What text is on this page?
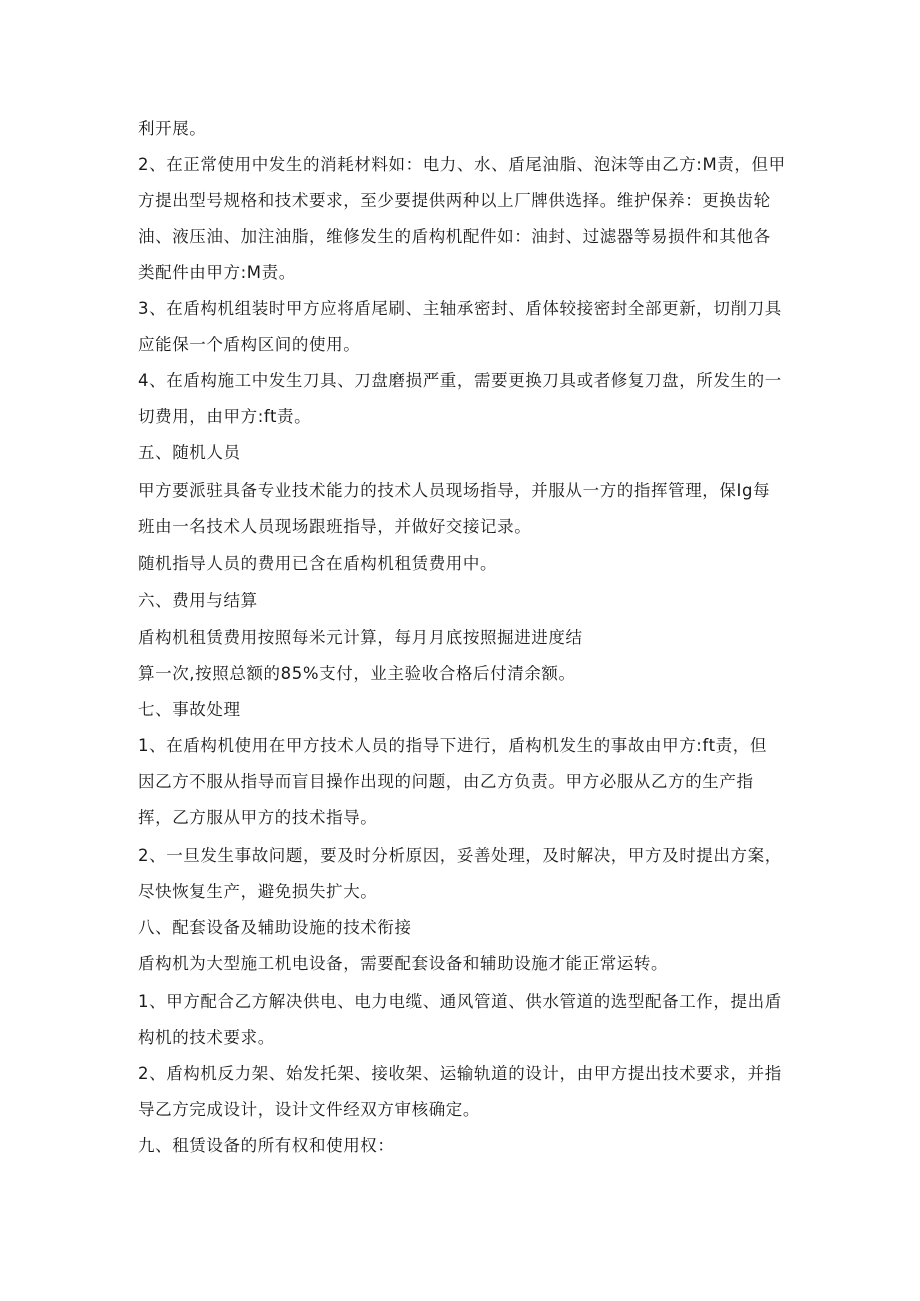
利开展。

2、在正常使用中发生的消耗材料如：电力、水、盾尾油脂、泡沫等由乙方:M责，但甲

方提出型号规格和技术要求，至少要提供两种以上厂牌供选择。维护保养：更换齿轮

油、液压油、加注油脂，维修发生的盾构机配件如：油封、过滤器等易损件和其他各

类配件由甲方:M责。

3、在盾构机组装时甲方应将盾尾刷、主轴承密封、盾体较接密封全部更新，切削刀具

应能保一个盾构区间的使用。

4、在盾构施工中发生刀具、刀盘磨损严重，需要更换刀具或者修复刀盘，所发生的一

切费用，由甲方:ft责。

五、随机人员

甲方要派驻具备专业技术能力的技术人员现场指导，并服从一方的指挥管理，保Ig每

班由一名技术人员现场跟班指导，并做好交接记录。

随机指导人员的费用已含在盾构机租赁费用中。

六、费用与结算

盾构机租赁费用按照每米元计算，每月月底按照掘进进度结

算一次,按照总额的85%支付，业主验收合格后付清余额。

七、事故处理

1、在盾构机使用在甲方技术人员的指导下进行，盾构机发生的事故由甲方:ft责，但

因乙方不服从指导而盲目操作出现的问题，由乙方负责。甲方必服从乙方的生产指

挥，乙方服从甲方的技术指导。

2、一旦发生事故问题，要及时分析原因，妥善处理，及时解决，甲方及时提出方案，

尽快恢复生产，避免损失扩大。

八、配套设备及辅助设施的技术衔接

盾构机为大型施工机电设备，需要配套设备和辅助设施才能正常运转。

1、甲方配合乙方解决供电、电力电缆、通风管道、供水管道的选型配备工作，提出盾

构机的技术要求。

2、盾构机反力架、始发托架、接收架、运输轨道的设计，由甲方提出技术要求，并指

导乙方完成设计，设计文件经双方审核确定。

九、租赁设备的所有权和使用权：
